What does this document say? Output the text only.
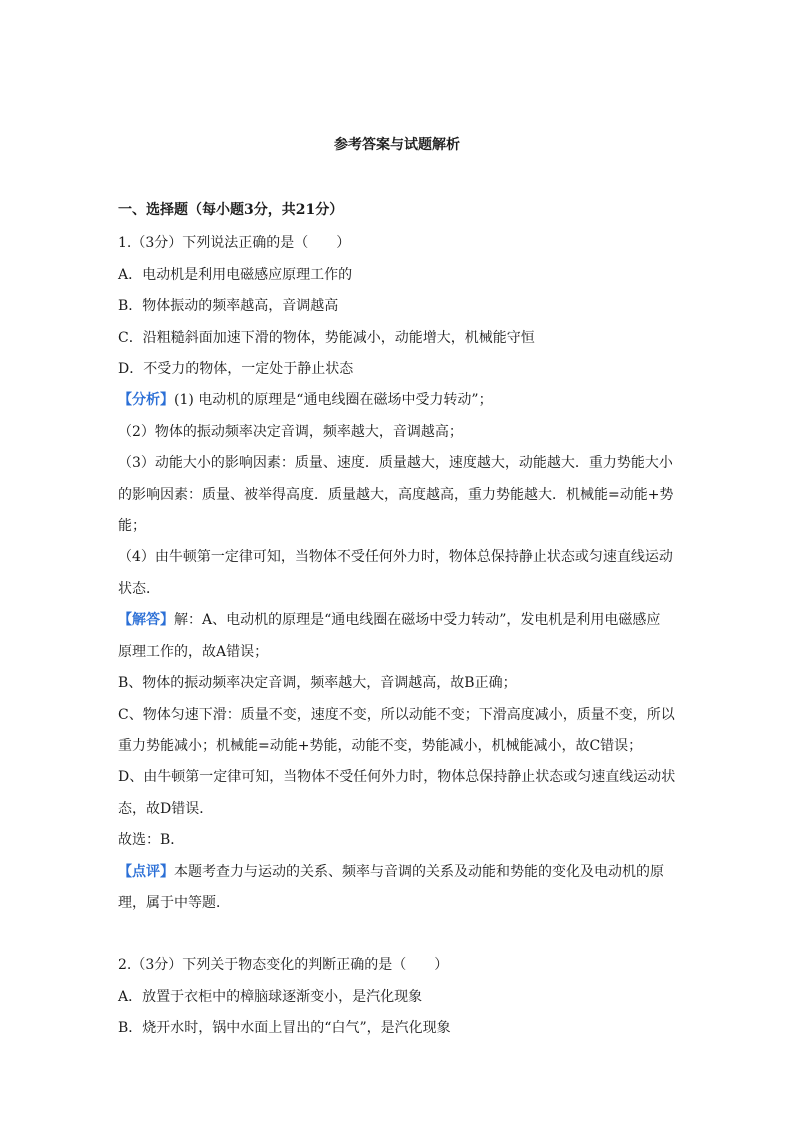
参考答案与试题解析
一、选择题（每小题3分，共21分）
1.（3分）下列说法正确的是（　　）
A．电动机是利用电磁感应原理工作的
B．物体振动的频率越高，音调越高
C．沿粗糙斜面加速下滑的物体，势能减小，动能增大，机械能守恒
D．不受力的物体，一定处于静止状态
【分析】(1) 电动机的原理是“通电线圈在磁场中受力转动”；
（2）物体的振动频率决定音调，频率越大，音调越高；
（3）动能大小的影响因素：质量、速度．质量越大，速度越大，动能越大．重力势能大小
的影响因素：质量、被举得高度．质量越大，高度越高，重力势能越大．机械能=动能+势
能；
（4）由牛顿第一定律可知，当物体不受任何外力时，物体总保持静止状态或匀速直线运动
状态．
【解答】解：A、电动机的原理是“通电线圈在磁场中受力转动”，发电机是利用电磁感应
原理工作的，故A错误；
B、物体的振动频率决定音调，频率越大，音调越高，故B正确；
C、物体匀速下滑：质量不变，速度不变，所以动能不变；下滑高度减小，质量不变，所以
重力势能减小；机械能=动能+势能，动能不变，势能减小，机械能减小，故C错误；
D、由牛顿第一定律可知，当物体不受任何外力时，物体总保持静止状态或匀速直线运动状
态，故D错误．
故选：B．
【点评】本题考查力与运动的关系、频率与音调的关系及动能和势能的变化及电动机的原
理，属于中等题．
2.（3分）下列关于物态变化的判断正确的是（　　）
A．放置于衣柜中的樟脑球逐渐变小，是汽化现象
B．烧开水时，锅中水面上冒出的“白气”，是汽化现象
